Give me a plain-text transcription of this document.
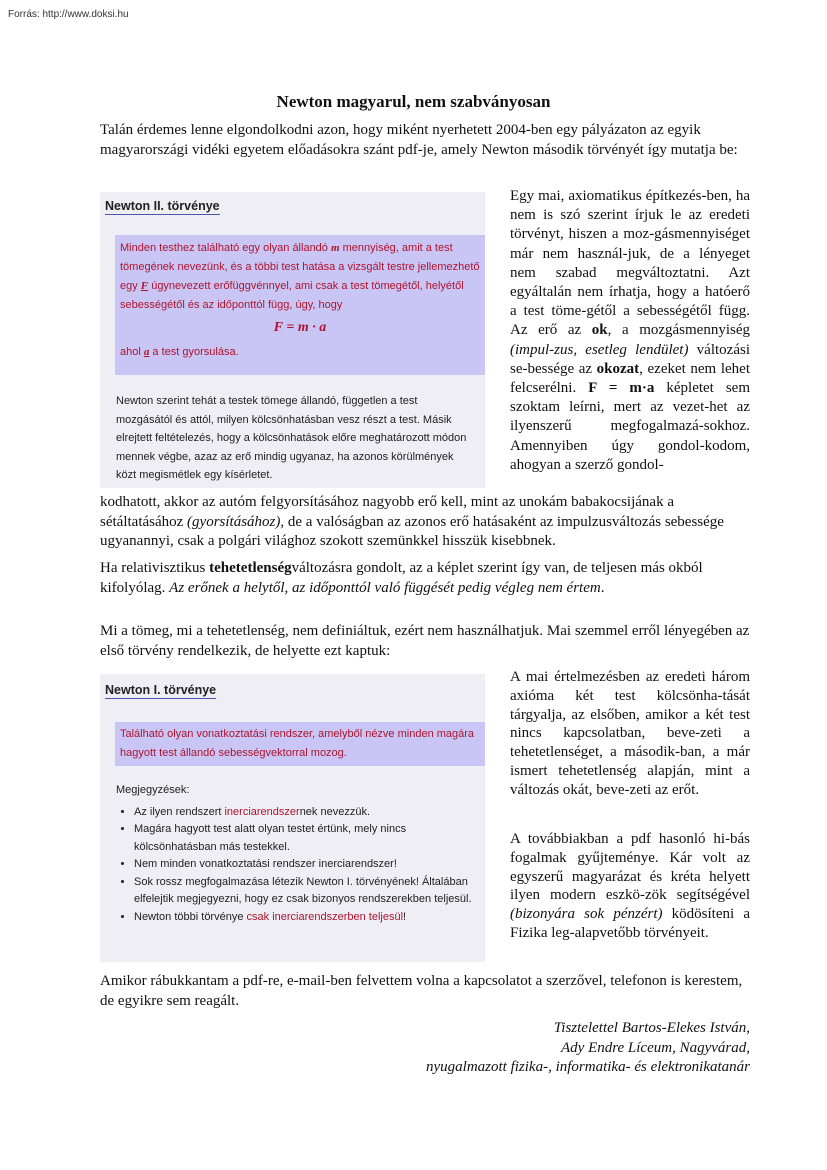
Forrás: http://www.doksi.hu
Newton magyarul, nem szabványosan

Talán érdemes lenne elgondolkodni azon, hogy miként nyerhetett 2004-ben egy pályázaton az egyik magyarországi vidéki egyetem előadásokra szánt pdf-je, amely Newton második törvényét így mutatja be:

Newton II. törvénye
Minden testhez található egy olyan állandó m mennyiség, amit a test tömegének nevezünk, és a többi test hatása a vizsgált testre jellemezhető egy F úgynevezett erőfüggvénnyel, ami csak a test tömegétől, helyétől sebességétől és az időponttól függ, úgy, hogy
F = m · a
ahol a a test gyorsulása.
Newton szerint tehát a testek tömege állandó, független a test mozgásától és attól, milyen kölcsönhatásban vesz részt a test. Másik elrejtett feltételezés, hogy a kölcsönhatások előre meghatározott módon mennek végbe, azaz az erő mindig ugyanaz, ha azonos körülmények közt megismétlek egy kísérletet.

Egy mai, axiomatikus építkezés-ben, ha nem is szó szerint írjuk le az eredeti törvényt, hiszen a moz-gásmennyiséget már nem használ-juk, de a lényeget nem szabad megváltoztatni. Azt egyáltalán nem írhatja, hogy a hatóerő a test töme-gétől a sebességétől függ. Az erő az ok, a mozgásmennyiség (impul-zus, esetleg lendület) változási se-bessége az okozat, ezeket nem lehet felcserélni. F = m·a képletet sem szoktam leírni, mert az vezet-het az ilyenszerű megfogalmazá-sokhoz. Amennyiben úgy gondol-kodom, ahogyan a szerző gondol-

kodhatott, akkor az autóm felgyorsításához nagyobb erő kell, mint az unokám babakocsijának a sétáltatásához (gyorsításához), de a valóságban az azonos erő hatásaként az impulzusváltozás sebessége ugyanannyi, csak a polgári világhoz szokott szemünkkel hisszük kisebbnek.

Ha relativisztikus tehetetlenségváltozásra gondolt, az a képlet szerint így van, de teljesen más okból kifolyólag. Az erőnek a helytől, az időponttól való függését pedig végleg nem értem.

Mi a tömeg, mi a tehetetlenség, nem definiáltuk, ezért nem használhatjuk. Mai szemmel erről lényegében az első törvény rendelkezik, de helyette ezt kaptuk:

Newton I. törvénye
Található olyan vonatkoztatási rendszer, amelyből nézve minden magára hagyott test állandó sebességvektorral mozog.
Megjegyzések:
• Az ilyen rendszert inerciarendszernek nevezzük.
• Magára hagyott test alatt olyan testet értünk, mely nincs kölcsönhatásban más testekkel.
• Nem minden vonatkoztatási rendszer inerciarendszer!
• Sok rossz megfogalmazása létezik Newton I. törvényének! Általában elfelejtik megjegyezni, hogy ez csak bizonyos rendszerekben teljesül.
• Newton többi törvénye csak inerciarendszerben teljesül!

A mai értelmezésben az eredeti három axióma két test kölcsönha-tását tárgyalja, az elsőben, amikor a két test nincs kapcsolatban, beve-zeti a tehetetlenséget, a második-ban, a már ismert tehetetlenség alapján, mint a változás okát, beve-zeti az erőt.

A továbbiakban a pdf hasonló hi-bás fogalmak gyűjteménye. Kár volt az egyszerű magyarázat és kréta helyett ilyen modern eszkö-zök segítségével (bizonyára sok pénzért) ködösíteni a Fizika leg-alapvetőbb törvényeit.

Amikor rábukkantam a pdf-re, e-mail-ben felvettem volna a kapcsolatot a szerzővel, telefonon is kerestem, de egyikre sem reagált.

Tisztelettel Bartos-Elekes István,
Ady Endre Líceum, Nagyvárad,
nyugalmazott fizika-, informatika- és elektronikatanár
